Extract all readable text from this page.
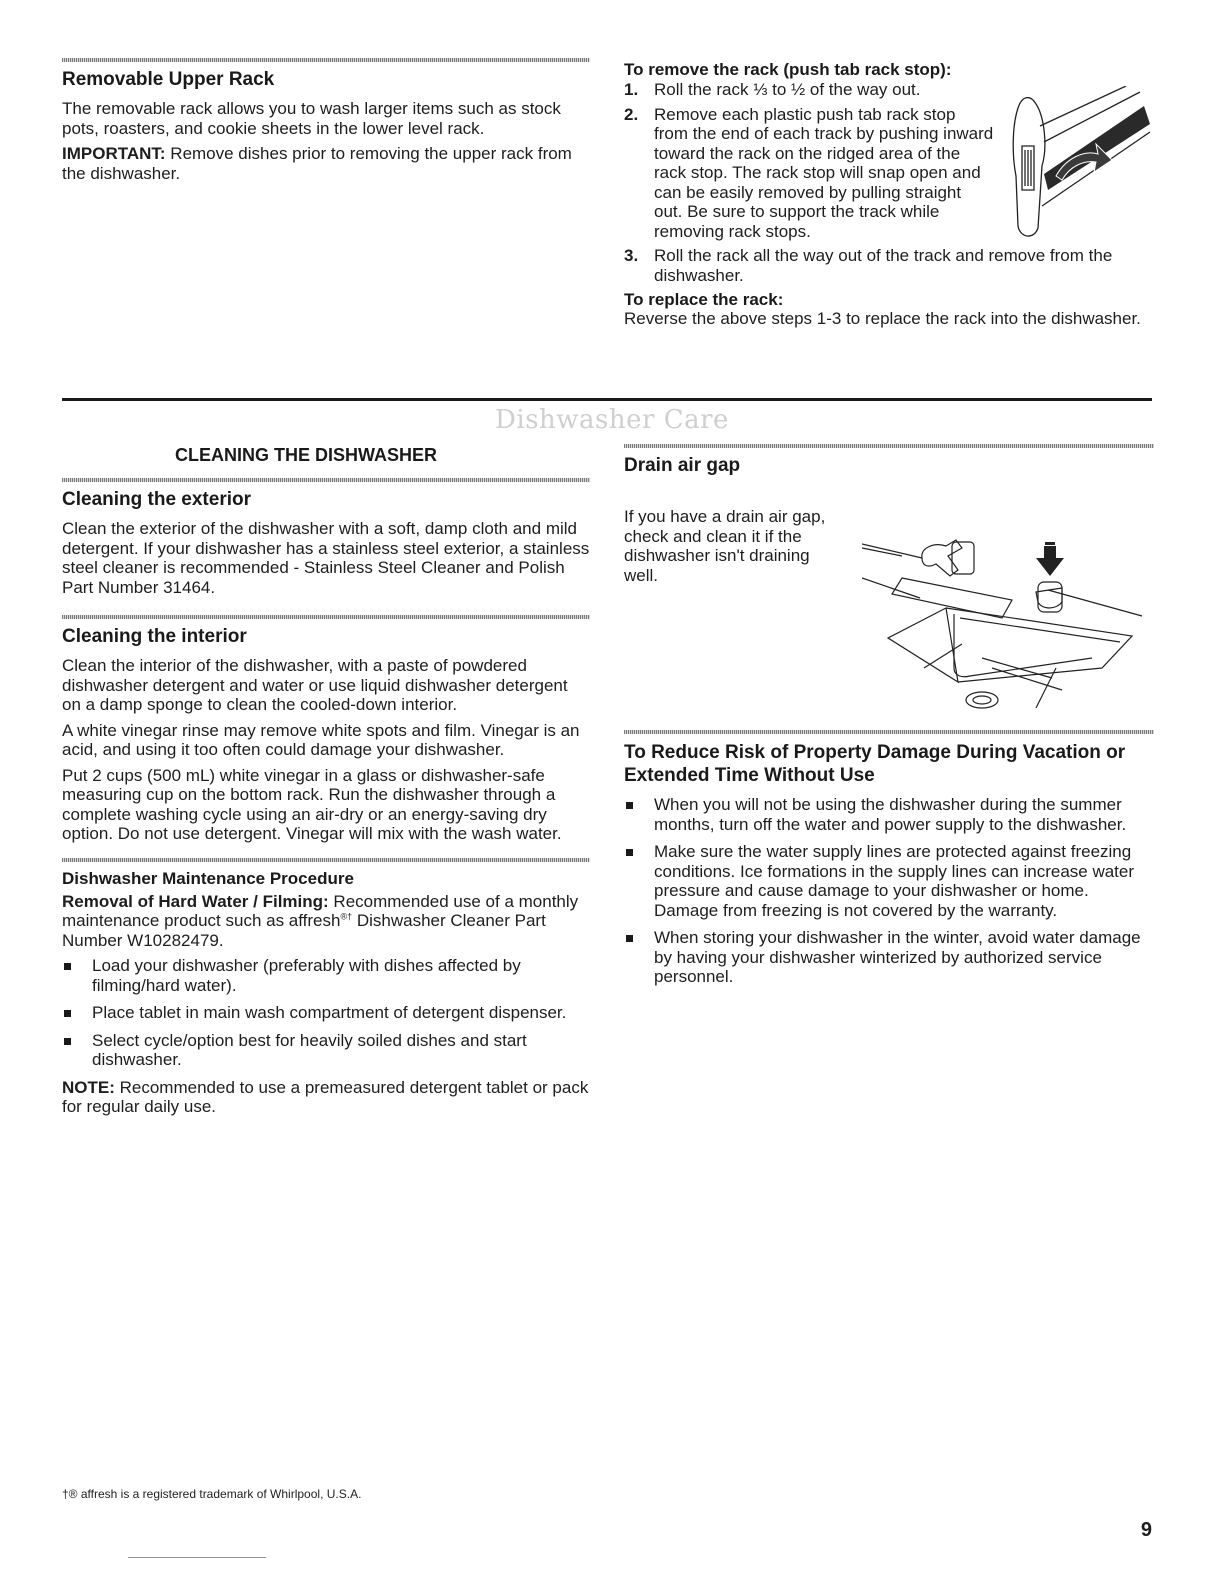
Removable Upper Rack

The removable rack allows you to wash larger items such as stock pots, roasters, and cookie sheets in the lower level rack.

IMPORTANT: Remove dishes prior to removing the upper rack from the dishwasher.

To remove the rack (push tab rack stop):
1. Roll the rack ⅓ to ½ of the way out.
2. Remove each plastic push tab rack stop from the end of each track by pushing inward toward the rack on the ridged area of the rack stop. The rack stop will snap open and can be easily removed by pulling straight out. Be sure to support the track while removing rack stops.
3. Roll the rack all the way out of the track and remove from the dishwasher.
To replace the rack:

Reverse the above steps 1-3 to replace the rack into the dishwasher.

Dishwasher Care
CLEANING THE DISHWASHER
Cleaning the exterior

Clean the exterior of the dishwasher with a soft, damp cloth and mild detergent. If your dishwasher has a stainless steel exterior, a stainless steel cleaner is recommended - Stainless Steel Cleaner and Polish Part Number 31464.

Cleaning the interior

Clean the interior of the dishwasher, with a paste of powdered dishwasher detergent and water or use liquid dishwasher detergent on a damp sponge to clean the cooled-down interior.

A white vinegar rinse may remove white spots and film. Vinegar is an acid, and using it too often could damage your dishwasher.

Put 2 cups (500 mL) white vinegar in a glass or dishwasher-safe measuring cup on the bottom rack. Run the dishwasher through a complete washing cycle using an air-dry or an energy-saving dry option. Do not use detergent. Vinegar will mix with the wash water.

Dishwasher Maintenance Procedure

Removal of Hard Water / Filming: Recommended use of a monthly maintenance product such as affresh®† Dishwasher Cleaner Part Number W10282479.

Load your dishwasher (preferably with dishes affected by filming/hard water).
Place tablet in main wash compartment of detergent dispenser.
Select cycle/option best for heavily soiled dishes and start dishwasher.

NOTE: Recommended to use a premeasured detergent tablet or pack for regular daily use.

Drain air gap

If you have a drain air gap, check and clean it if the dishwasher isn't draining well.

To Reduce Risk of Property Damage During Vacation or Extended Time Without Use
When you will not be using the dishwasher during the summer months, turn off the water and power supply to the dishwasher.
Make sure the water supply lines are protected against freezing conditions. Ice formations in the supply lines can increase water pressure and cause damage to your dishwasher or home. Damage from freezing is not covered by the warranty.
When storing your dishwasher in the winter, avoid water damage by having your dishwasher winterized by authorized service personnel.
†® affresh is a registered trademark of Whirlpool, U.S.A.
9
